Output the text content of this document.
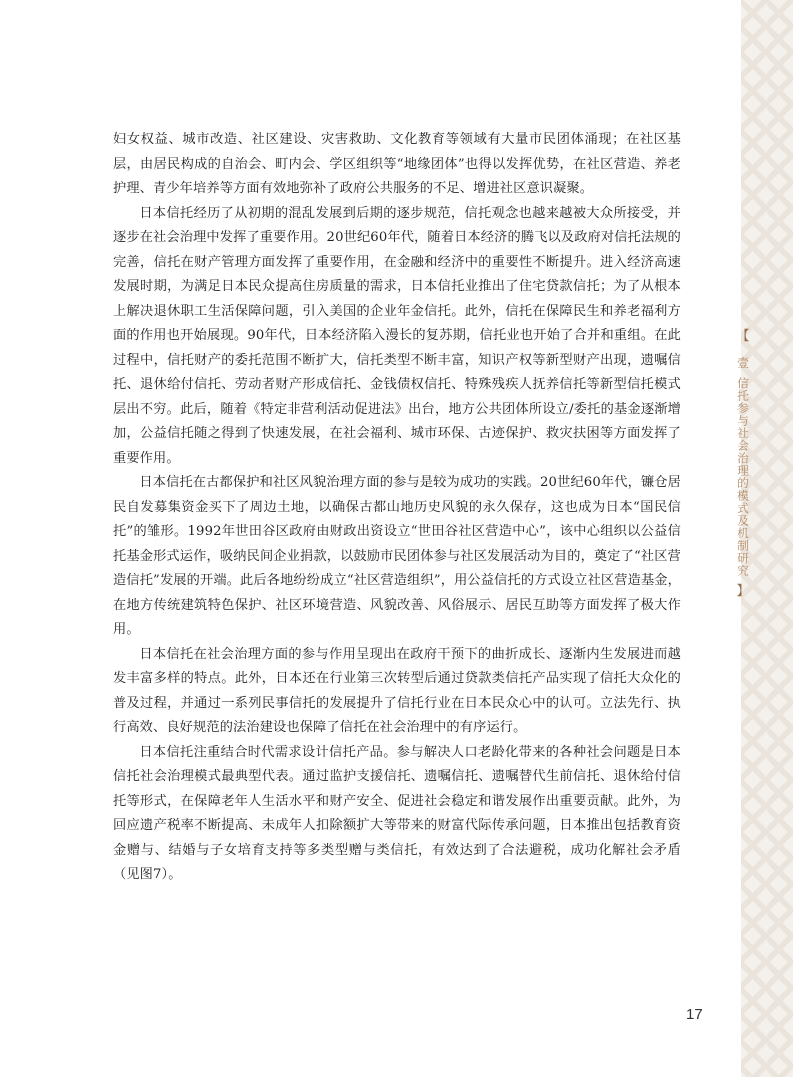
【
壹
信托参与社会治理的模式及机制研究
】

妇女权益、城市改造、社区建设、灾害救助、文化教育等领域有大量市民团体涌现；在社区基层，由居民构成的自治会、町内会、学区组织等“地缘团体”也得以发挥优势，在社区营造、养老护理、青少年培养等方面有效地弥补了政府公共服务的不足、增进社区意识凝聚。

日本信托经历了从初期的混乱发展到后期的逐步规范，信托观念也越来越被大众所接受，并逐步在社会治理中发挥了重要作用。20世纪60年代，随着日本经济的腾飞以及政府对信托法规的完善，信托在财产管理方面发挥了重要作用，在金融和经济中的重要性不断提升。进入经济高速发展时期，为满足日本民众提高住房质量的需求，日本信托业推出了住宅贷款信托；为了从根本上解决退休职工生活保障问题，引入美国的企业年金信托。此外，信托在保障民生和养老福利方面的作用也开始展现。90年代，日本经济陷入漫长的复苏期，信托业也开始了合并和重组。在此过程中，信托财产的委托范围不断扩大，信托类型不断丰富，知识产权等新型财产出现，遗嘱信托、退休给付信托、劳动者财产形成信托、金钱债权信托、特殊残疾人抚养信托等新型信托模式层出不穷。此后，随着《特定非营利活动促进法》出台，地方公共团体所设立/委托的基金逐渐增加，公益信托随之得到了快速发展，在社会福利、城市环保、古迹保护、救灾扶困等方面发挥了重要作用。

日本信托在古都保护和社区风貌治理方面的参与是较为成功的实践。20世纪60年代，镰仓居民自发募集资金买下了周边土地，以确保古都山地历史风貌的永久保存，这也成为日本“国民信托”的雏形。1992年世田谷区政府由财政出资设立“世田谷社区营造中心”，该中心组织以公益信托基金形式运作，吸纳民间企业捐款，以鼓励市民团体参与社区发展活动为目的，奠定了“社区营造信托”发展的开端。此后各地纷纷成立“社区营造组织”，用公益信托的方式设立社区营造基金，在地方传统建筑特色保护、社区环境营造、风貌改善、风俗展示、居民互助等方面发挥了极大作用。

日本信托在社会治理方面的参与作用呈现出在政府干预下的曲折成长、逐渐内生发展进而越发丰富多样的特点。此外，日本还在行业第三次转型后通过贷款类信托产品实现了信托大众化的普及过程，并通过一系列民事信托的发展提升了信托行业在日本民众心中的认可。立法先行、执行高效、良好规范的法治建设也保障了信托在社会治理中的有序运行。

日本信托注重结合时代需求设计信托产品。参与解决人口老龄化带来的各种社会问题是日本信托社会治理模式最典型代表。通过监护支援信托、遗嘱信托、遗嘱替代生前信托、退休给付信托等形式，在保障老年人生活水平和财产安全、促进社会稳定和谐发展作出重要贡献。此外，为回应遗产税率不断提高、未成年人扣除额扩大等带来的财富代际传承问题，日本推出包括教育资金赠与、结婚与子女培育支持等多类型赠与类信托，有效达到了合法避税，成功化解社会矛盾（见图7）。

17
